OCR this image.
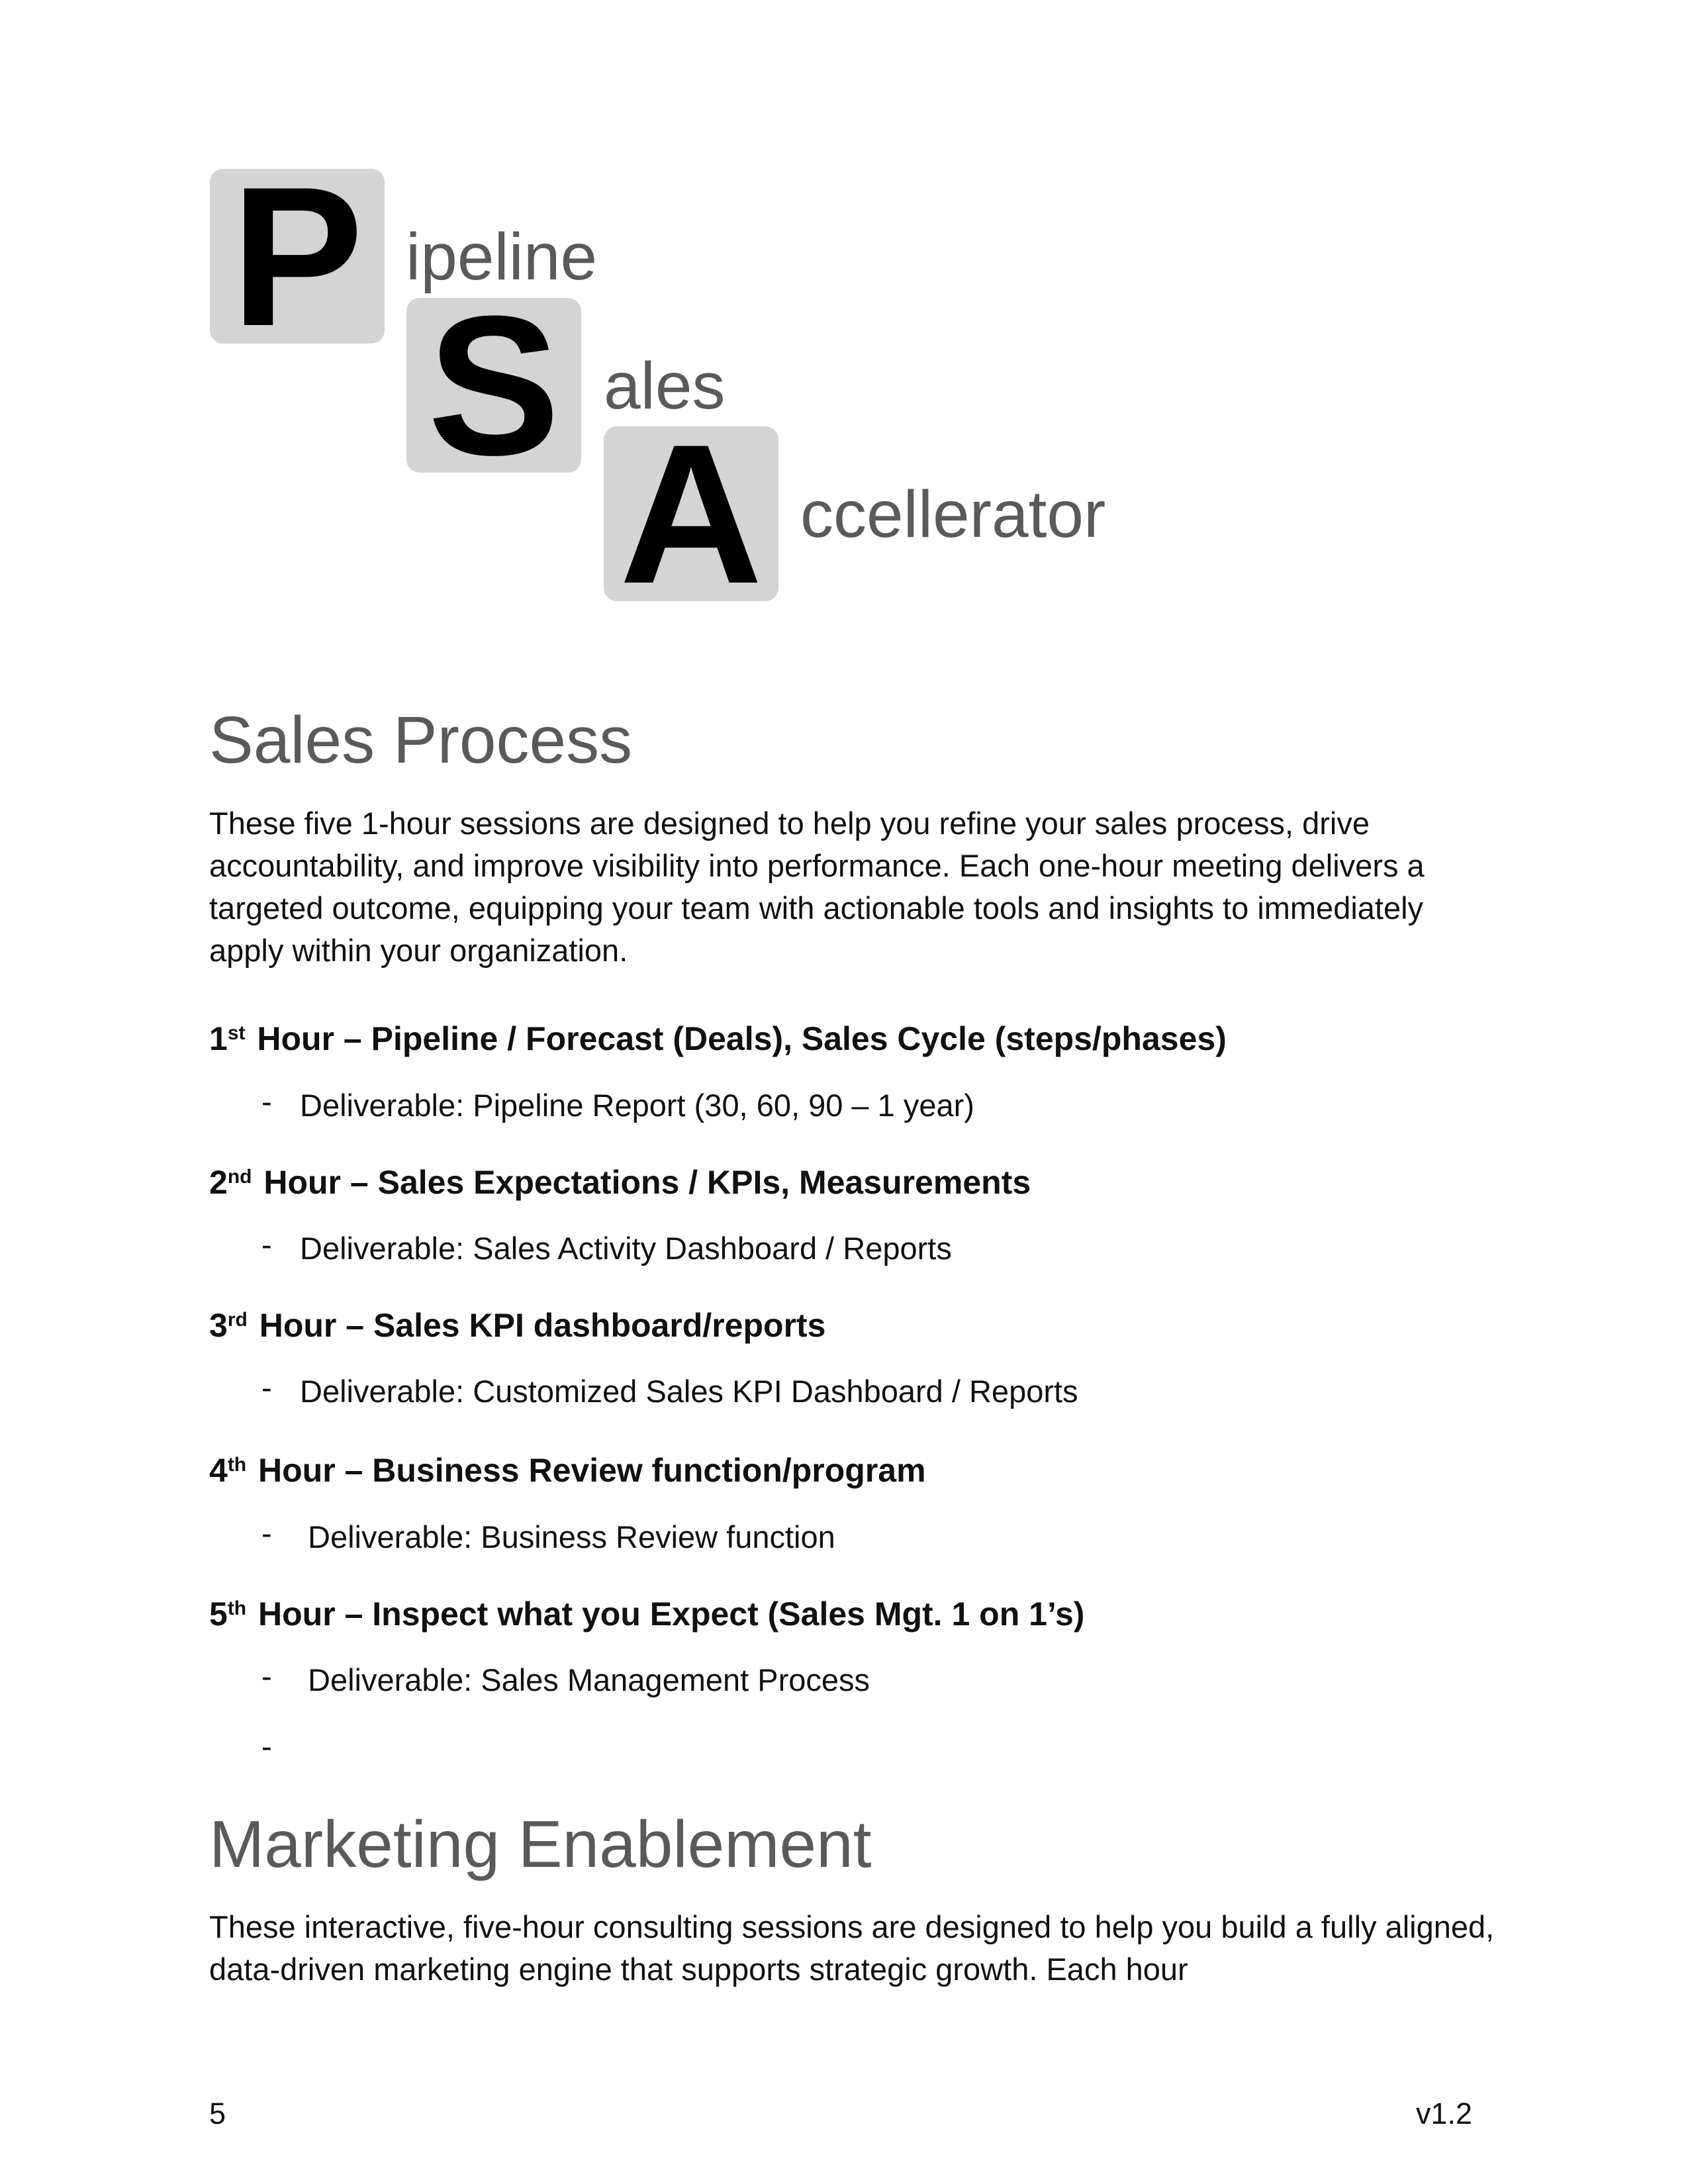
P ipeline
S ales
A ccellerator
Sales Process

These five 1-hour sessions are designed to help you refine your sales process, drive accountability, and improve visibility into performance. Each one-hour meeting delivers a targeted outcome, equipping your team with actionable tools and insights to immediately apply within your organization.

1st Hour – Pipeline / Forecast (Deals), Sales Cycle (steps/phases)
- Deliverable: Pipeline Report (30, 60, 90 – 1 year)
2nd Hour – Sales Expectations / KPIs, Measurements
- Deliverable: Sales Activity Dashboard / Reports
3rd Hour – Sales KPI dashboard/reports
- Deliverable: Customized Sales KPI Dashboard / Reports
4th Hour – Business Review function/program
- Deliverable: Business Review function
5th Hour – Inspect what you Expect (Sales Mgt. 1 on 1’s)
- Deliverable: Sales Management Process
-
Marketing Enablement

These interactive, five-hour consulting sessions are designed to help you build a fully aligned, data-driven marketing engine that supports strategic growth. Each hour

5	v1.2
